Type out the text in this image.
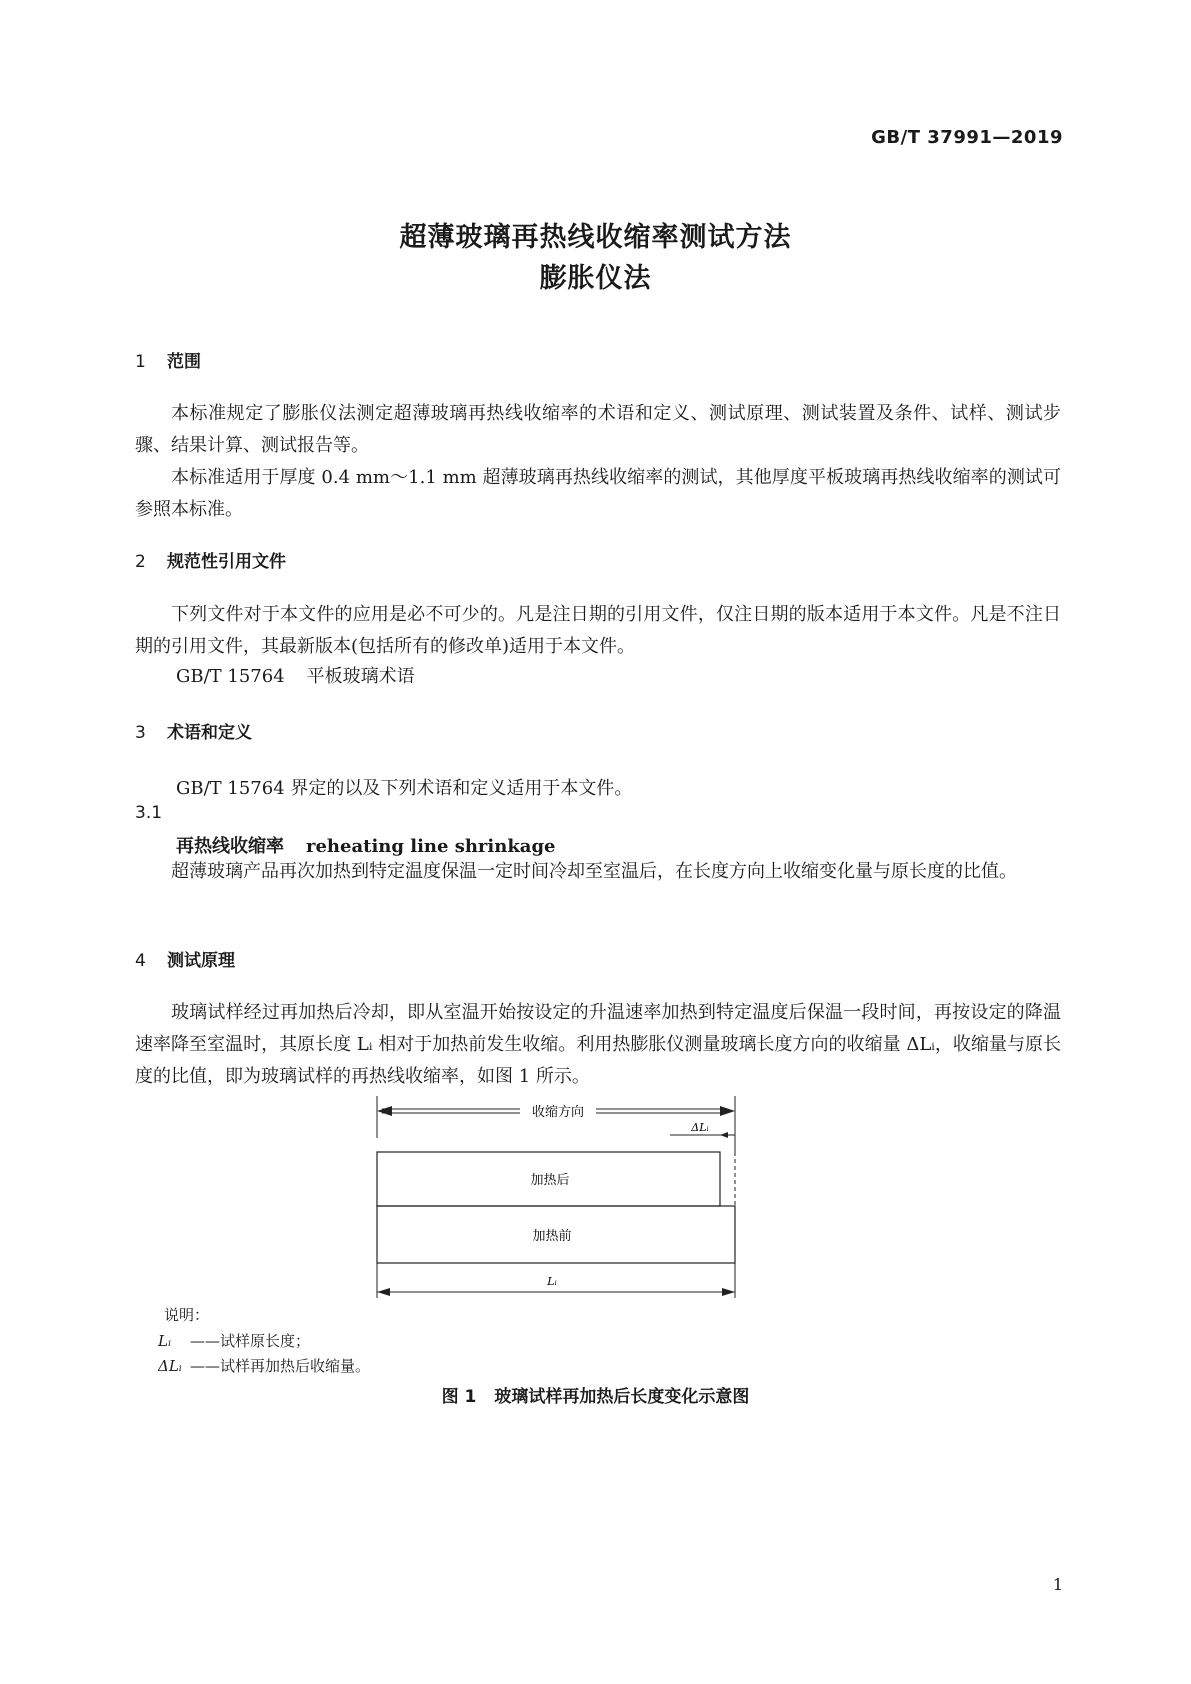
GB/T 37991—2019
超薄玻璃再热线收缩率测试方法
膨胀仪法
1 范围

本标准规定了膨胀仪法测定超薄玻璃再热线收缩率的术语和定义、测试原理、测试装置及条件、试样、测试步骤、结果计算、测试报告等。

本标准适用于厚度 0.4 mm～1.1 mm 超薄玻璃再热线收缩率的测试，其他厚度平板玻璃再热线收缩率的测试可参照本标准。

2 规范性引用文件

下列文件对于本文件的应用是必不可少的。凡是注日期的引用文件，仅注日期的版本适用于本文件。凡是不注日期的引用文件，其最新版本(包括所有的修改单)适用于本文件。

GB/T 15764 平板玻璃术语
3 术语和定义
GB/T 15764 界定的以及下列术语和定义适用于本文件。
3.1
再热线收缩率 reheating line shrinkage

超薄玻璃产品再次加热到特定温度保温一定时间冷却至室温后，在长度方向上收缩变化量与原长度的比值。

4 测试原理

玻璃试样经过再加热后冷却，即从室温开始按设定的升温速率加热到特定温度后保温一段时间，再按设定的降温速率降至室温时，其原长度 Lᵢ 相对于加热前发生收缩。利用热膨胀仪测量玻璃长度方向的收缩量 ΔLᵢ，收缩量与原长度的比值，即为玻璃试样的再热线收缩率，如图 1 所示。

收缩方向
ΔLᵢ
加热后
加热前
Lᵢ
说明：
Lᵢ ——试样原长度；
ΔLᵢ ——试样再加热后收缩量。
图 1 玻璃试样再加热后长度变化示意图
1
